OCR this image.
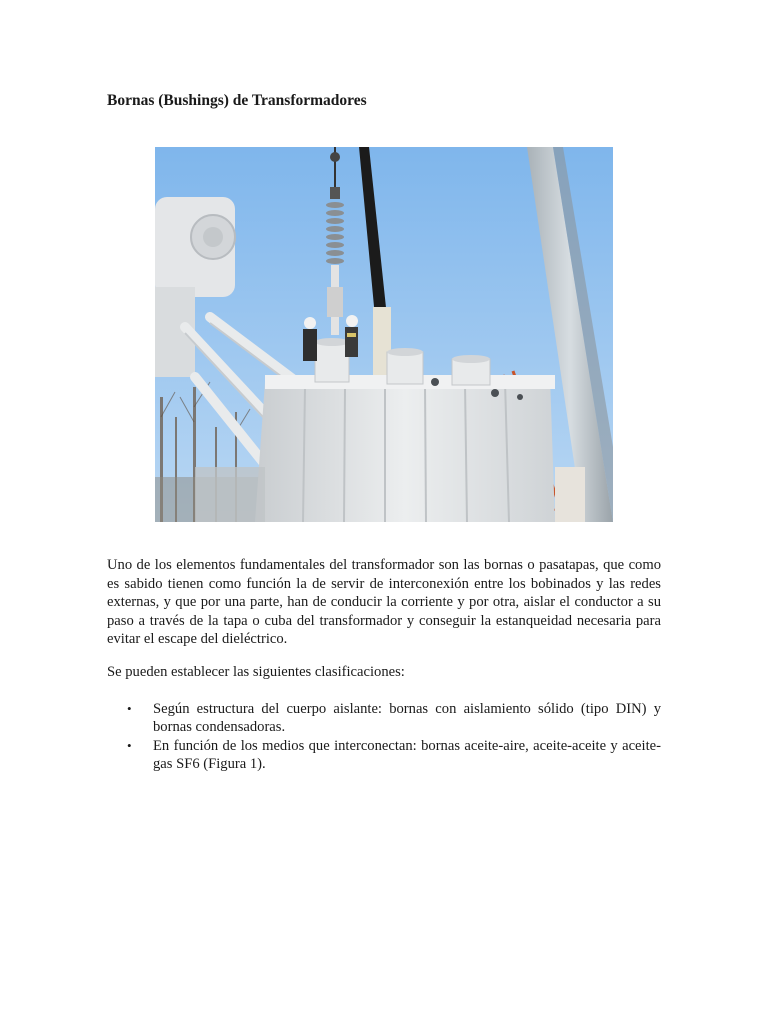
Bornas (Bushings) de Transformadores

Uno de los elementos fundamentales del transformador son las bornas o pasatapas, que como es sabido tienen como función la de servir de interconexión entre los bobinados y las redes externas, y que por una parte, han de conducir la corriente y por otra, aislar el conductor a su paso a través de la tapa o cuba del transformador y conseguir la estanqueidad necesaria para evitar el escape del dieléctrico.

Se pueden establecer las siguientes clasificaciones:

• Según estructura del cuerpo aislante: bornas con aislamiento sólido (tipo DIN) y bornas condensadoras.
• En función de los medios que interconectan: bornas aceite-aire, aceite-aceite y aceite-gas SF6 (Figura 1).
